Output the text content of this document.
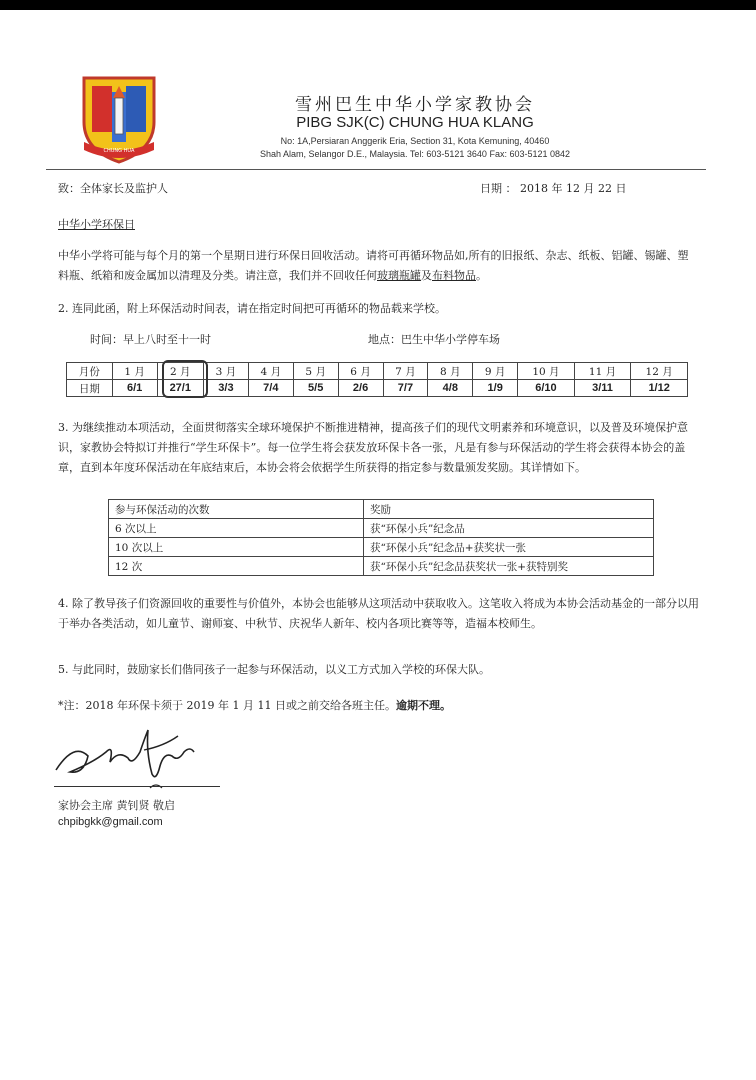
CHUNG HUA
雪州巴生中华小学家教协会
PIBG SJK(C) CHUNG HUA KLANG
No: 1A,Persiaran Anggerik Eria, Section 31, Kota Kemuning, 40460
Shah Alam, Selangor D.E., Malaysia. Tel: 603-5121 3640 Fax: 603-5121 0842
致：全体家长及监护人	日期 ： 2018 年 12 月 22 日
中华小学环保日
中华小学将可能与每个月的第一个星期日进行环保日回收活动。请将可再循环物品如,所有的旧报纸、杂志、纸板、铝罐、锡罐、塑料瓶、纸箱和废金属加以清理及分类。请注意，我们并不回收任何玻璃瓶罐及布料物品。
2. 连同此函，附上环保活动时间表，请在指定时间把可再循环的物品载来学校。
时间：早上八时至十一时	地点：巴生中华小学停车场
月份	1 月	2 月	3 月	4 月	5 月	6 月	7 月	8 月	9 月	10 月	11 月	12 月
日期	6/1	27/1	3/3	7/4	5/5	2/6	7/7	4/8	1/9	6/10	3/11	1/12
3. 为继续推动本项活动，全面贯彻落实全球环境保护不断推进精神，提高孩子们的现代文明素养和环境意识，以及普及环境保护意识，家教协会特拟订并推行“学生环保卡”。每一位学生将会获发放环保卡各一张，凡是有参与环保活动的学生将会获得本协会的盖章，直到本年度环保活动在年底结束后，本协会将会依据学生所获得的指定参与数量颁发奖励。其详情如下。
参与环保活动的次数	奖励
6 次以上	获“环保小兵”纪念品
10 次以上	获“环保小兵”纪念品+获奖状一张
12 次	获“环保小兵”纪念品获奖状一张+获特别奖
4. 除了教导孩子们资源回收的重要性与价值外，本协会也能够从这项活动中获取收入。这笔收入将成为本协会活动基金的一部分以用于举办各类活动，如儿童节、谢师宴、中秋节、庆祝华人新年、校内各项比赛等等，造福本校师生。
5. 与此同时，鼓励家长们偕同孩子一起参与环保活动，以义工方式加入学校的环保大队。
*注：2018 年环保卡须于 2019 年 1 月 11 日或之前交给各班主任。逾期不理。
家协会主席 黄钊贤 敬启
chpibgkk@gmail.com
